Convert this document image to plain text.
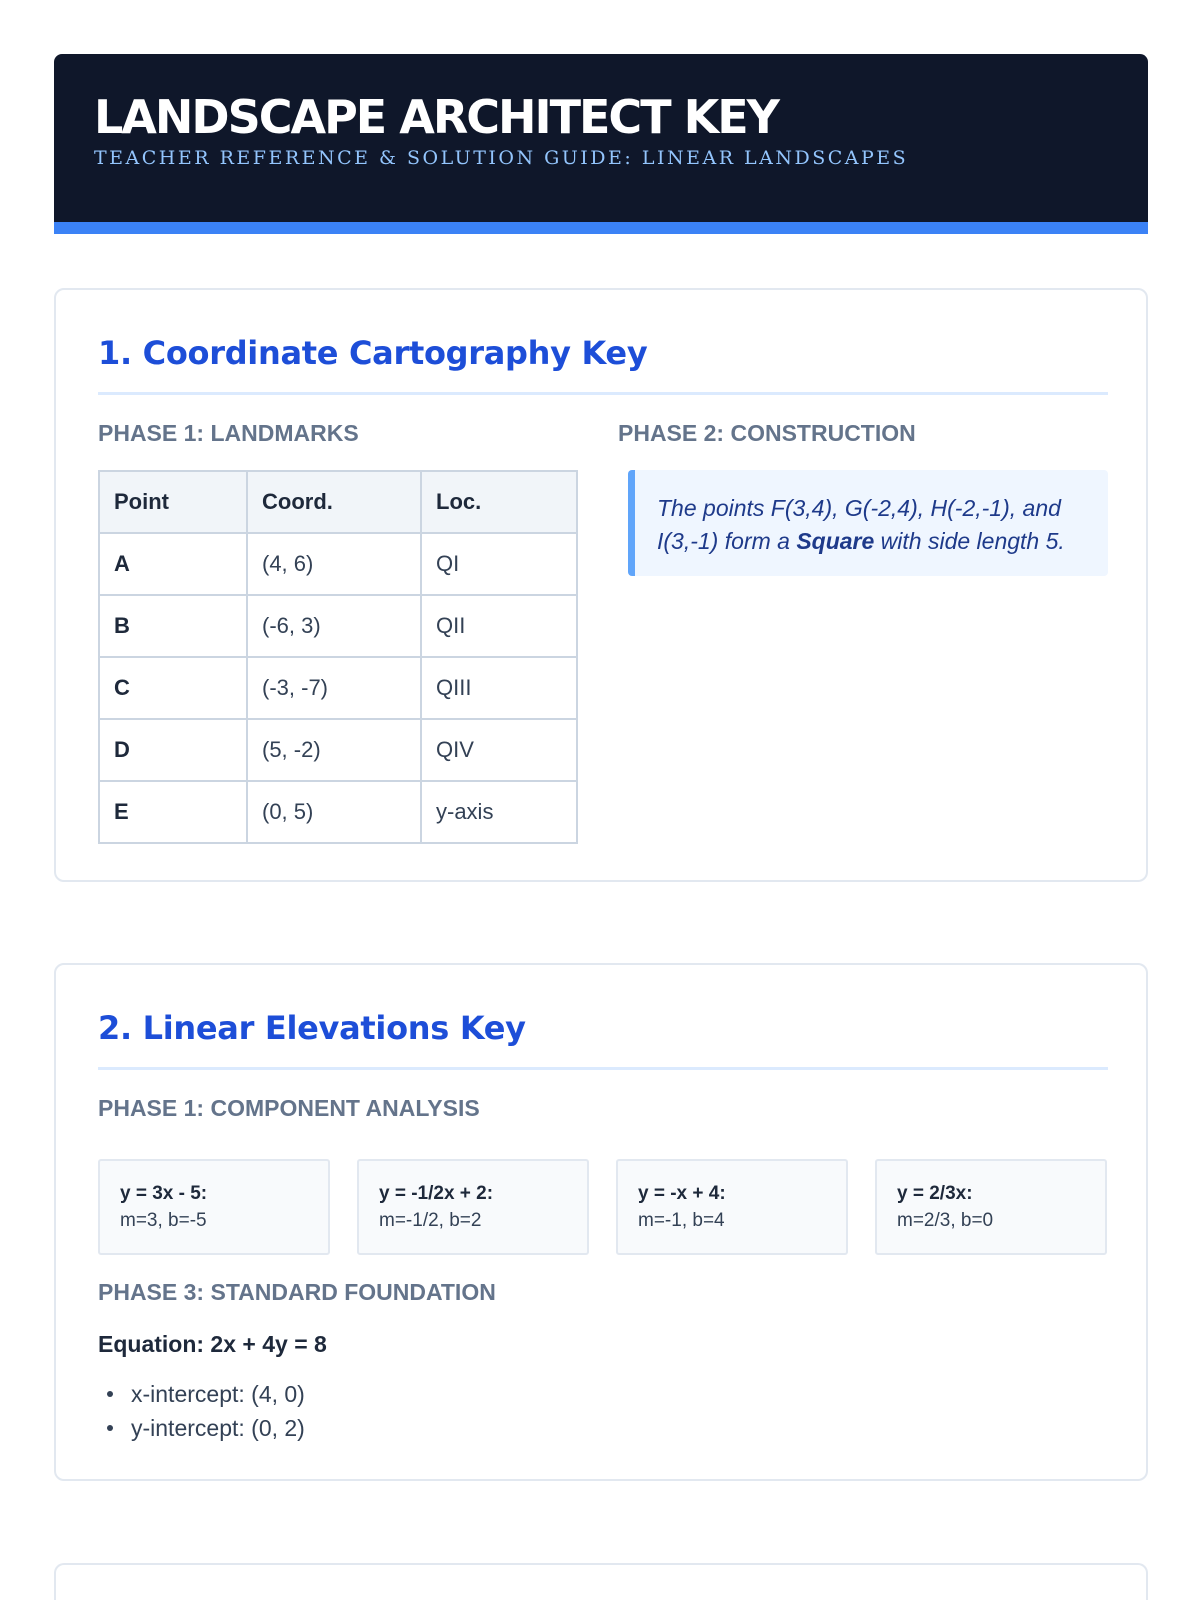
LANDSCAPE ARCHITECT KEY
TEACHER REFERENCE & SOLUTION GUIDE: LINEAR LANDSCAPES
1. Coordinate Cartography Key
PHASE 1: LANDMARKS	PHASE 2: CONSTRUCTION
Point	Coord.	Loc.
A	(4, 6)	QI
B	(-6, 3)	QII
C	(-3, -7)	QIII
D	(5, -2)	QIV
E	(0, 5)	y-axis
The points F(3,4), G(-2,4), H(-2,-1), and I(3,-1) form a Square with side length 5.
2. Linear Elevations Key
PHASE 1: COMPONENT ANALYSIS
y = 3x - 5:
m=3, b=-5
y = -1/2x + 2:
m=-1/2, b=2
y = -x + 4:
m=-1, b=4
y = 2/3x:
m=2/3, b=0
PHASE 3: STANDARD FOUNDATION
Equation: 2x + 4y = 8
x-intercept: (4, 0)
y-intercept: (0, 2)
